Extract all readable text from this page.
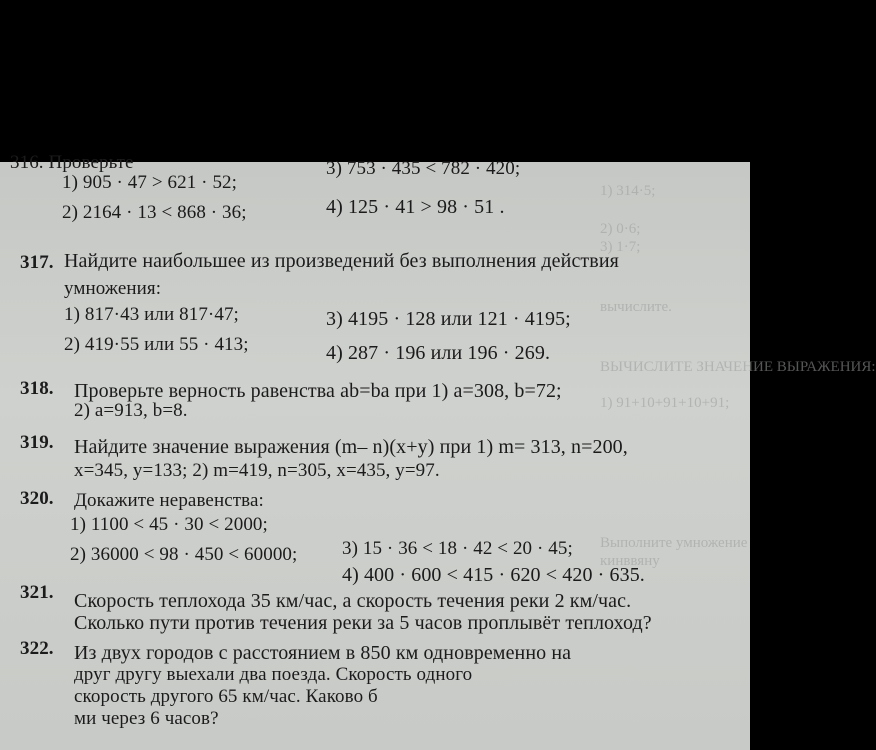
1) 314·5;
2) 0·6;
3) 1·7;
вычислите.
ВЫЧИСЛИТЕ ЗНАЧЕНИЕ ВЫРАЖЕНИЯ:
1) 91+10+91+10+91;
Выполните умножение
кинввяну
316. Проверьте
1) 905 · 47 > 621 · 52;
2) 2164 · 13 < 868 · 36;
3) 753 · 435 < 782 · 420;
4) 125 · 41 > 98 · 51 .
317. Найдите наибольшее из произведений без выполнения действия
умножения:
1) 817·43 или 817·47;
2) 419·55 или 55 · 413;
3) 4195 · 128 или 121 · 4195;
4) 287 · 196 или 196 · 269.
318. Проверьте верность равенства ab=ba при 1) a=308, b=72;
2) a=913, b=8.
319. Найдите значение выражения (m– n)(x+y) при 1) m= 313, n=200,
x=345, y=133; 2) m=419, n=305, x=435, y=97.
320. Докажите неравенства:
1) 1100 < 45 · 30 < 2000;
2) 36000 < 98 · 450 < 60000; 3) 15 · 36 < 18 · 42 < 20 · 45;
4) 400 · 600 < 415 · 620 < 420 · 635.
321. Скорость теплохода 35 км/час, а скорость течения реки 2 км/час.
Сколько пути против течения реки за 5 часов проплывёт теплоход?
322. Из двух городов с расстоянием в 850 км одновременно на
друг другу выехали два поезда. Скорость одного
скорость другого 65 км/час. Каково б
ми через 6 часов?
